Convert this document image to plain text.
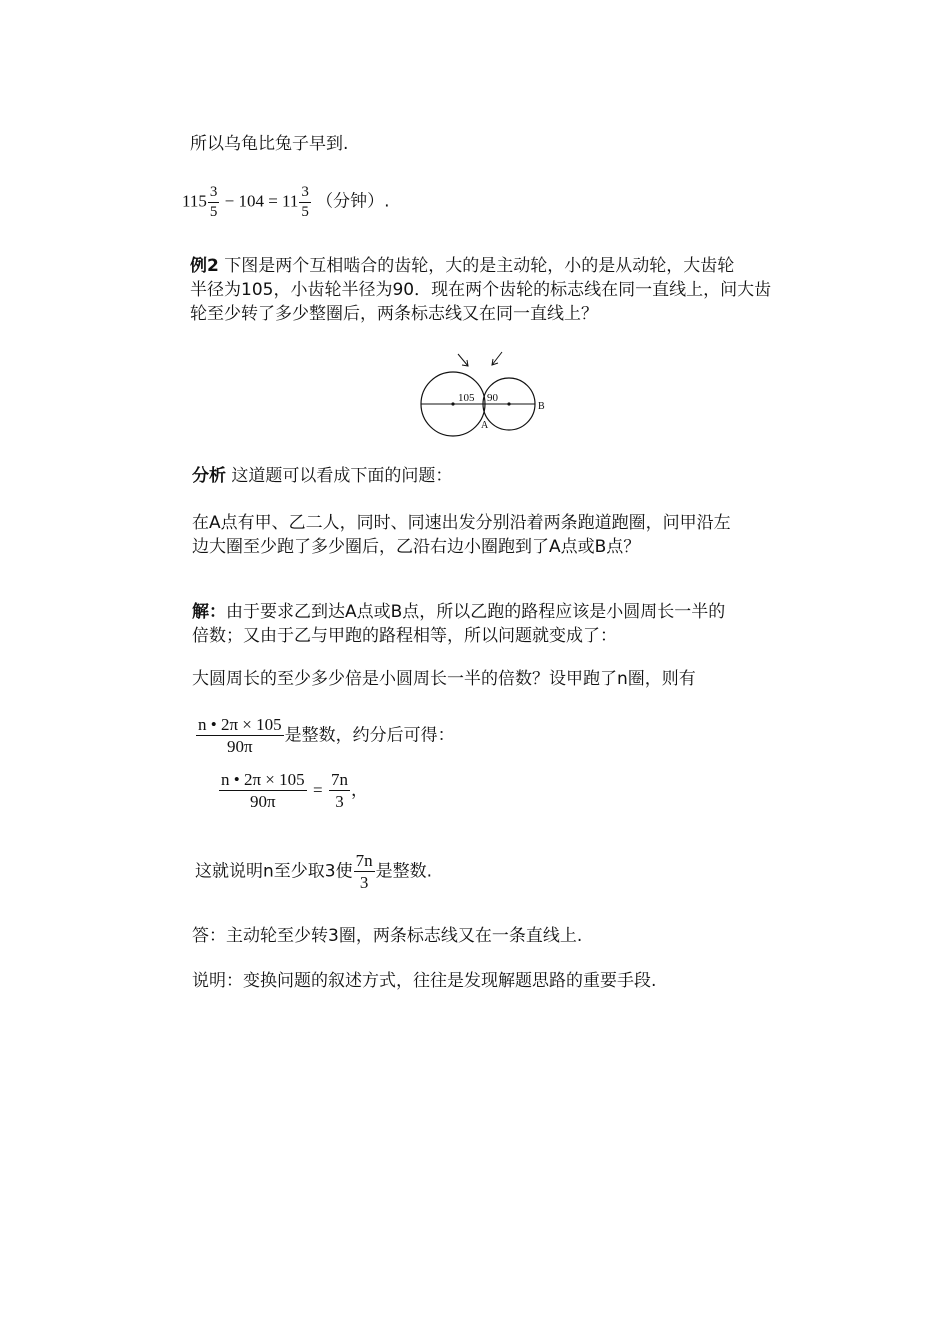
所以乌龟比兔子早到.
$115 \frac{3}{5} - 104 = 11 \frac{3}{5}$ （分钟）.
例2 下图是两个互相啮合的齿轮，大的是主动轮，小的是从动轮，大齿轮
半径为105，小齿轮半径为90．现在两个齿轮的标志线在同一直线上，问大齿
轮至少转了多少整圈后，两条标志线又在同一直线上？
105 90
A
B
分析 这道题可以看成下面的问题：
在A点有甲、乙二人，同时、同速出发分别沿着两条跑道跑圈，问甲沿左
边大圈至少跑了多少圈后，乙沿右边小圈跑到了A点或B点？
解：由于要求乙到达A点或B点，所以乙跑的路程应该是小圆周长一半的
倍数；又由于乙与甲跑的路程相等，所以问题就变成了：
大圆周长的至少多少倍是小圆周长一半的倍数？设甲跑了n圈，则有
$\frac{n • 2\pi \times 105}{90\pi}$ 是整数，约分后可得：
$\frac{n • 2\pi \times 105}{90\pi} = \frac{7n}{3}$ ，
这就说明n至少取3使 $\frac{7n}{3}$ 是整数.
答：主动轮至少转3圈，两条标志线又在一条直线上.
说明：变换问题的叙述方式，往往是发现解题思路的重要手段.
